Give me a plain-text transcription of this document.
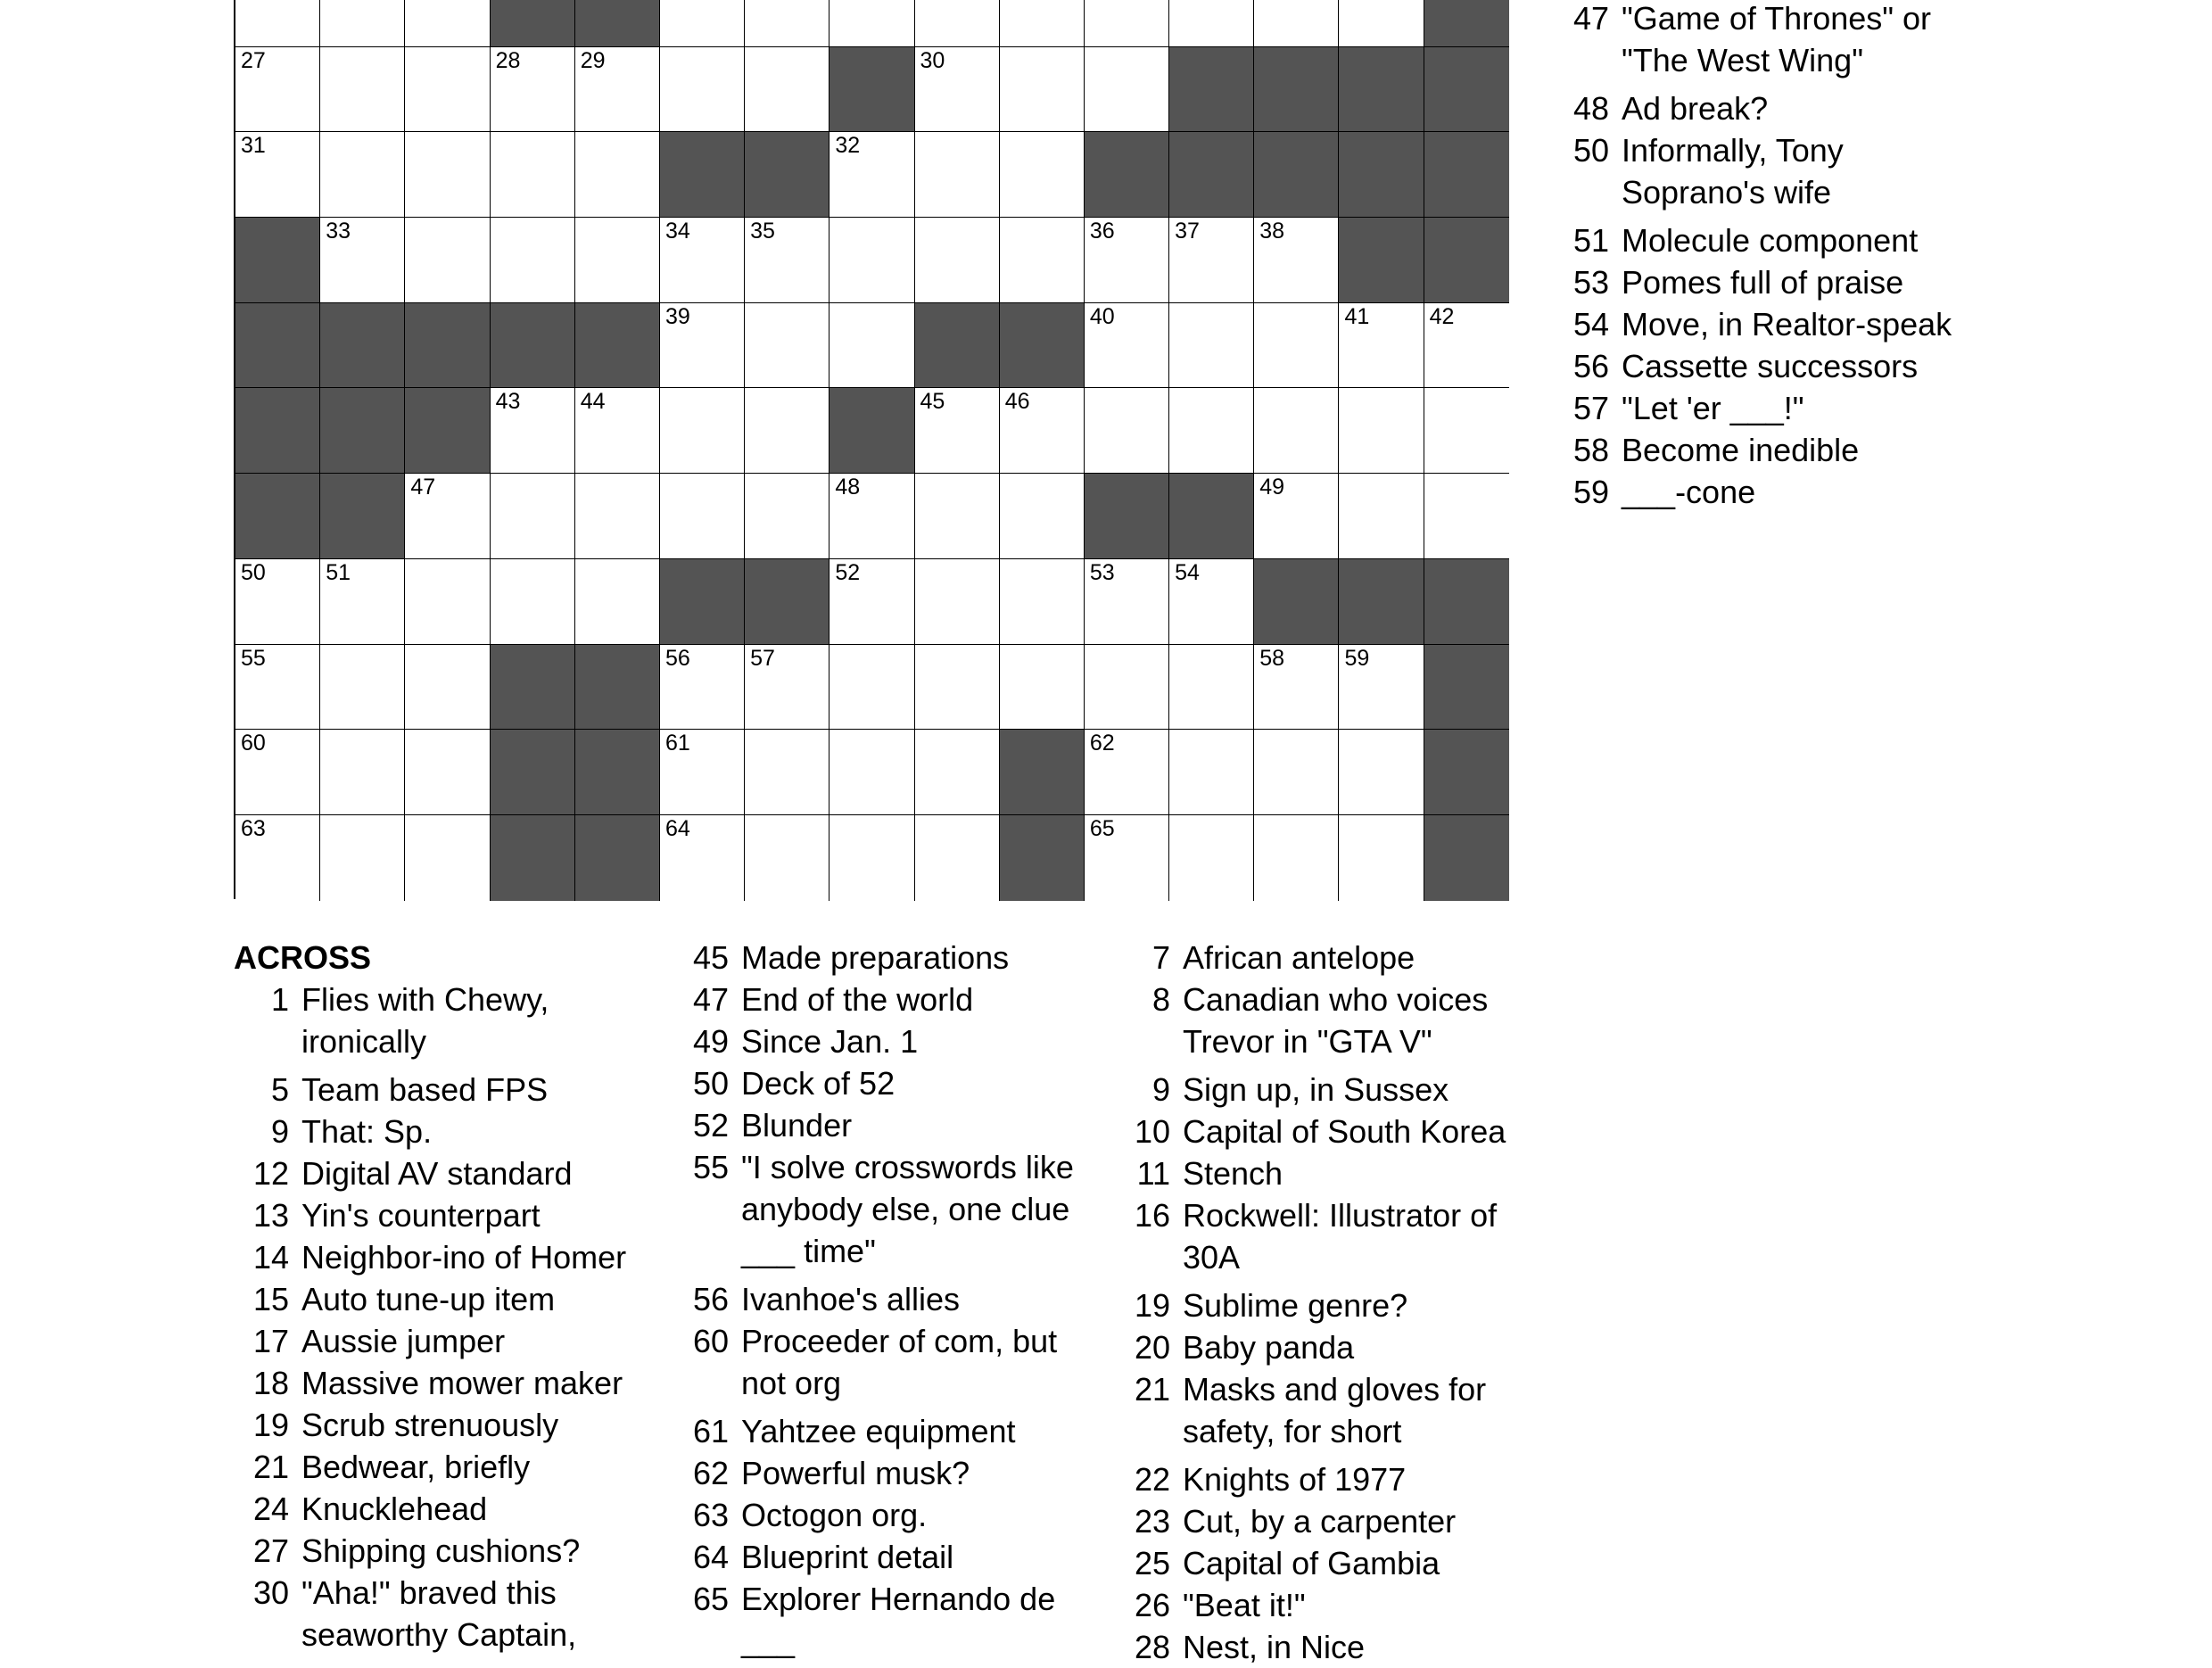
27	28	29	30
31	32
33	34	35	36	37	38
39	40	41	42
43	44	45	46
47	48	49
50	51	52	53	54
55	56	57	58	59
60	61	62
63	64	65
ACROSS
1 Flies with Chewy,
ironically
5 Team based FPS
9 That: Sp.
12 Digital AV standard
13 Yin's counterpart
14 Neighbor-ino of Homer
15 Auto tune-up item
17 Aussie jumper
18 Massive mower maker
19 Scrub strenuously
21 Bedwear, briefly
24 Knucklehead
27 Shipping cushions?
30 "Aha!" braved this
seaworthy Captain,
45 Made preparations
47 End of the world
49 Since Jan. 1
50 Deck of 52
52 Blunder
55 "I solve crosswords like
anybody else, one clue
___ time"
56 Ivanhoe's allies
60 Proceeder of com, but
not org
61 Yahtzee equipment
62 Powerful musk?
63 Octogon org.
64 Blueprint detail
65 Explorer Hernando de
___
7 African antelope
8 Canadian who voices
Trevor in "GTA V"
9 Sign up, in Sussex
10 Capital of South Korea
11 Stench
16 Rockwell: Illustrator of
30A
19 Sublime genre?
20 Baby panda
21 Masks and gloves for
safety, for short
22 Knights of 1977
23 Cut, by a carpenter
25 Capital of Gambia
26 "Beat it!"
28 Nest, in Nice
47 "Game of Thrones" or
"The West Wing"
48 Ad break?
50 Informally, Tony
Soprano's wife
51 Molecule component
53 Pomes full of praise
54 Move, in Realtor-speak
56 Cassette successors
57 "Let 'er ___!"
58 Become inedible
59 ___-cone
